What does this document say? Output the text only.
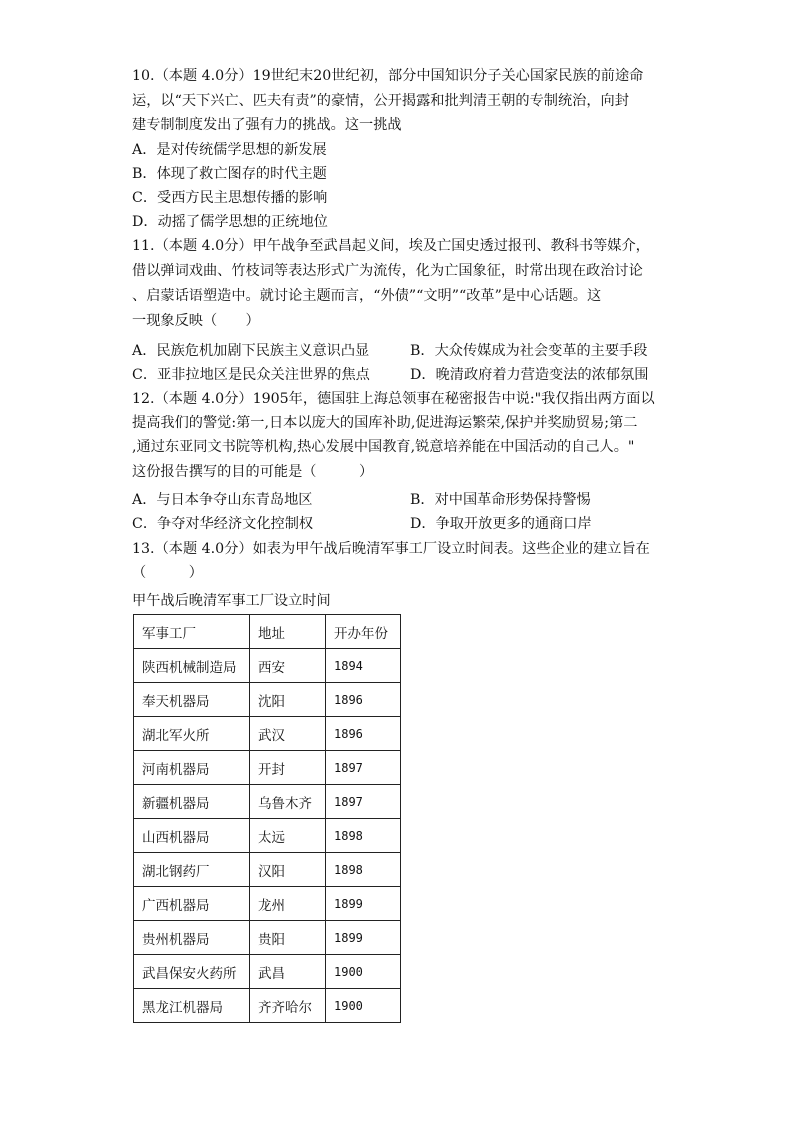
10.（本题 4.0分）19世纪末20世纪初，部分中国知识分子关心国家民族的前途命
运，以“天下兴亡、匹夫有责”的豪情，公开揭露和批判清王朝的专制统治，向封
建专制制度发出了强有力的挑战。这一挑战
A．是对传统儒学思想的新发展
B．体现了救亡图存的时代主题
C．受西方民主思想传播的影响
D．动摇了儒学思想的正统地位
11.（本题 4.0分）甲午战争至武昌起义间，埃及亡国史透过报刊、教科书等媒介，
借以弹词戏曲、竹枝词等表达形式广为流传，化为亡国象征，时常出现在政治讨论
、启蒙话语塑造中。就讨论主题而言，“外债”“文明”“改革”是中心话题。这
一现象反映（　　）
A．民族危机加剧下民族主义意识凸显	B．大众传媒成为社会变革的主要手段
C．亚非拉地区是民众关注世界的焦点	D．晚清政府着力营造变法的浓郁氛围
12.（本题 4.0分）1905年，德国驻上海总领事在秘密报告中说:"我仅指出两方面以
提高我们的警觉:第一,日本以庞大的国库补助,促进海运繁荣,保护并奖励贸易;第二
,通过东亚同文书院等机构,热心发展中国教育,锐意培养能在中国活动的自己人。"
这份报告撰写的目的可能是（　　　）
A．与日本争夺山东青岛地区	B．对中国革命形势保持警惕
C．争夺对华经济文化控制权	D．争取开放更多的通商口岸
13.（本题 4.0分）如表为甲午战后晚清军事工厂设立时间表。这些企业的建立旨在
（　　　）
甲午战后晚清军事工厂设立时间
军事工厂	地址	开办年份
陕西机械制造局	西安	1894
奉天机器局	沈阳	1896
湖北军火所	武汉	1896
河南机器局	开封	1897
新疆机器局	乌鲁木齐	1897
山西机器局	太远	1898
湖北钢药厂	汉阳	1898
广西机器局	龙州	1899
贵州机器局	贵阳	1899
武昌保安火药所	武昌	1900
黑龙江机器局	齐齐哈尔	1900
